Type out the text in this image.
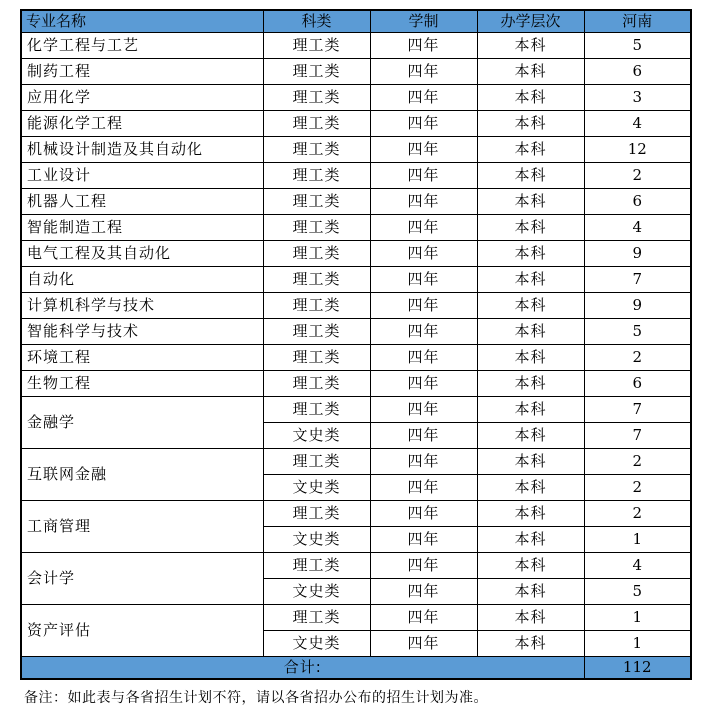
专业名称	科类	学制	办学层次	河南
化学工程与工艺	理工类	四年	本科	5
制药工程	理工类	四年	本科	6
应用化学	理工类	四年	本科	3
能源化学工程	理工类	四年	本科	4
机械设计制造及其自动化	理工类	四年	本科	12
工业设计	理工类	四年	本科	2
机器人工程	理工类	四年	本科	6
智能制造工程	理工类	四年	本科	4
电气工程及其自动化	理工类	四年	本科	9
自动化	理工类	四年	本科	7
计算机科学与技术	理工类	四年	本科	9
智能科学与技术	理工类	四年	本科	5
环境工程	理工类	四年	本科	2
生物工程	理工类	四年	本科	6
金融学	理工类	四年	本科	7
	文史类	四年	本科	7
互联网金融	理工类	四年	本科	2
	文史类	四年	本科	2
工商管理	理工类	四年	本科	2
	文史类	四年	本科	1
会计学	理工类	四年	本科	4
	文史类	四年	本科	5
资产评估	理工类	四年	本科	1
	文史类	四年	本科	1
合计:				112
备注：如此表与各省招生计划不符，请以各省招办公布的招生计划为准。
